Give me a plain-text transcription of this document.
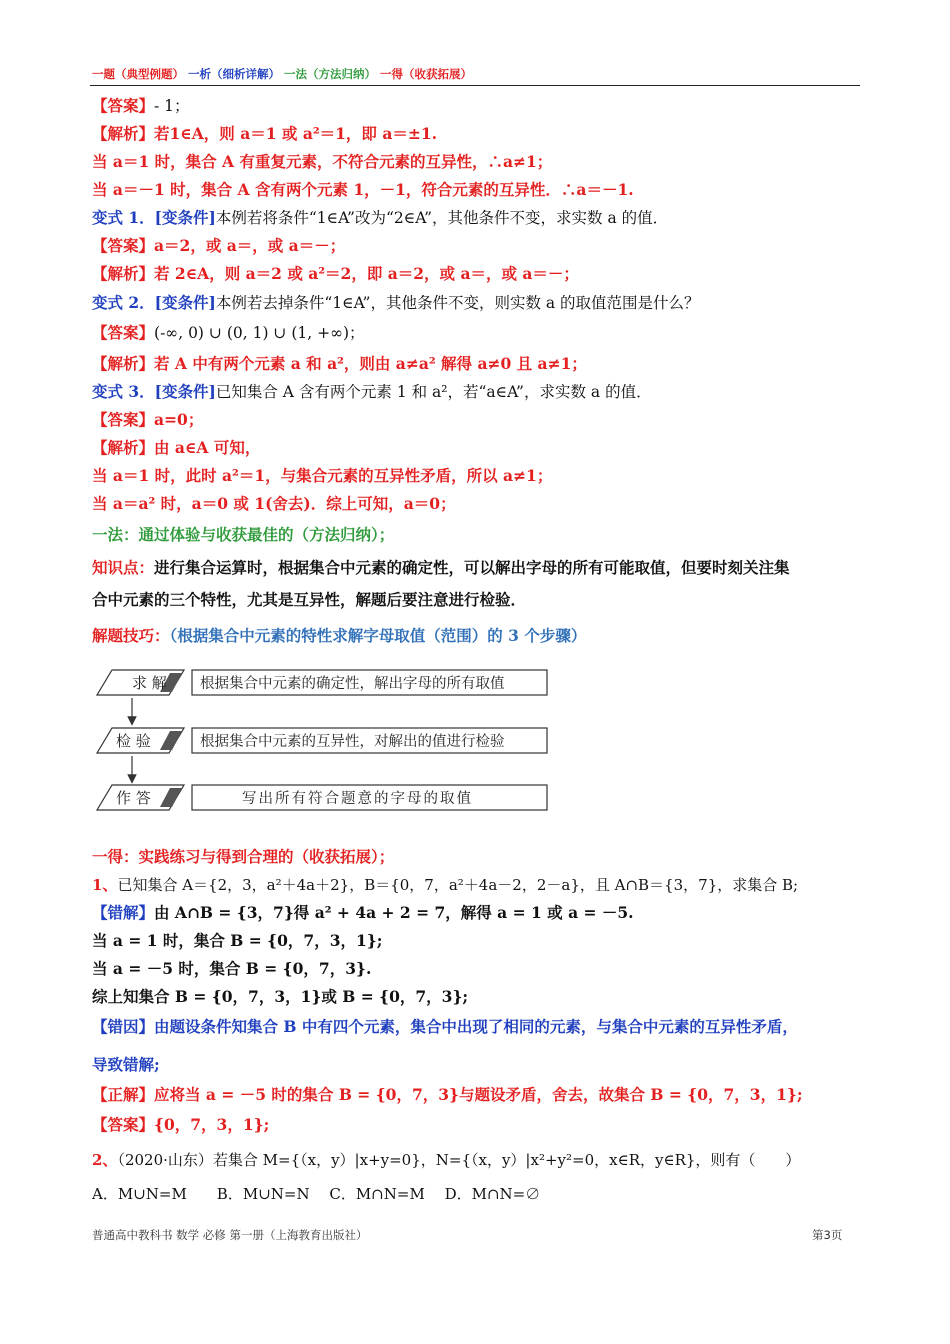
一题（典型例题） 一析（细析详解） 一法（方法归纳） 一得（收获拓展）
【答案】- 1；
【解析】若1∈A，则 a＝1 或 a²＝1，即 a＝±1.
当 a＝1 时，集合 A 有重复元素，不符合元素的互异性，∴a≠1；
当 a＝－1 时，集合 A 含有两个元素 1，－1，符合元素的互异性．∴a＝－1.
变式 1．[变条件]本例若将条件“1∈A”改为“2∈A”，其他条件不变，求实数 a 的值．
【答案】a＝2，或 a＝，或 a＝－；
【解析】若 2∈A，则 a＝2 或 a²＝2，即 a＝2，或 a＝，或 a＝－；
变式 2．[变条件]本例若去掉条件“1∈A”，其他条件不变，则实数 a 的取值范围是什么？
【答案】(-∞, 0) ∪ (0, 1) ∪ (1, +∞)；
【解析】若 A 中有两个元素 a 和 a²，则由 a≠a² 解得 a≠0 且 a≠1；
变式 3．[变条件]已知集合 A 含有两个元素 1 和 a²，若“a∈A”，求实数 a 的值．
【答案】a=0；
【解析】由 a∈A 可知，
当 a＝1 时，此时 a²＝1，与集合元素的互异性矛盾，所以 a≠1；
当 a＝a² 时，a＝0 或 1(舍去)．综上可知，a＝0；
一法：通过体验与收获最佳的（方法归纳）；
知识点：进行集合运算时，根据集合中元素的确定性，可以解出字母的所有可能取值，但要时刻关注集
合中元素的三个特性，尤其是互异性，解题后要注意进行检验．
解题技巧：（根据集合中元素的特性求解字母取值（范围）的 3 个步骤）
求 解 根据集合中元素的确定性，解出字母的所有取值
检 验	根据集合中元素的互异性，对解出的值进行检验
作 答	写出所有符合题意的字母的取值
一得：实践练习与得到合理的（收获拓展）；
1、已知集合 A＝{2，3，a²＋4a＋2}，B＝{0，7，a²＋4a－2，2－a}，且 A∩B＝{3，7}，求集合 B;
【错解】由 A∩B = {3，7}得 a² + 4a + 2 = 7，解得 a = 1 或 a = －5.
当 a = 1 时，集合 B = {0，7，3，1};
当 a = －5 时，集合 B = {0，7，3}.
综上知集合 B = {0，7，3，1}或 B = {0，7，3};
【错因】由题设条件知集合 B 中有四个元素，集合中出现了相同的元素，与集合中元素的互异性矛盾，
导致错解;
【正解】应将当 a = －5 时的集合 B = {0，7，3}与题设矛盾，舍去，故集合 B = {0，7，3，1};
【答案】{0，7，3，1};
2、（2020·山东）若集合 M={（x，y）|x+y=0}，N={（x，y）|x²+y²=0，x∈R，y∈R}，则有（　　）
A．M∪N=M　　B．M∪N=N　 C．M∩N=M　 D．M∩N=∅
普通高中教科书 数学 必修 第一册（上海教育出版社）	第3页
